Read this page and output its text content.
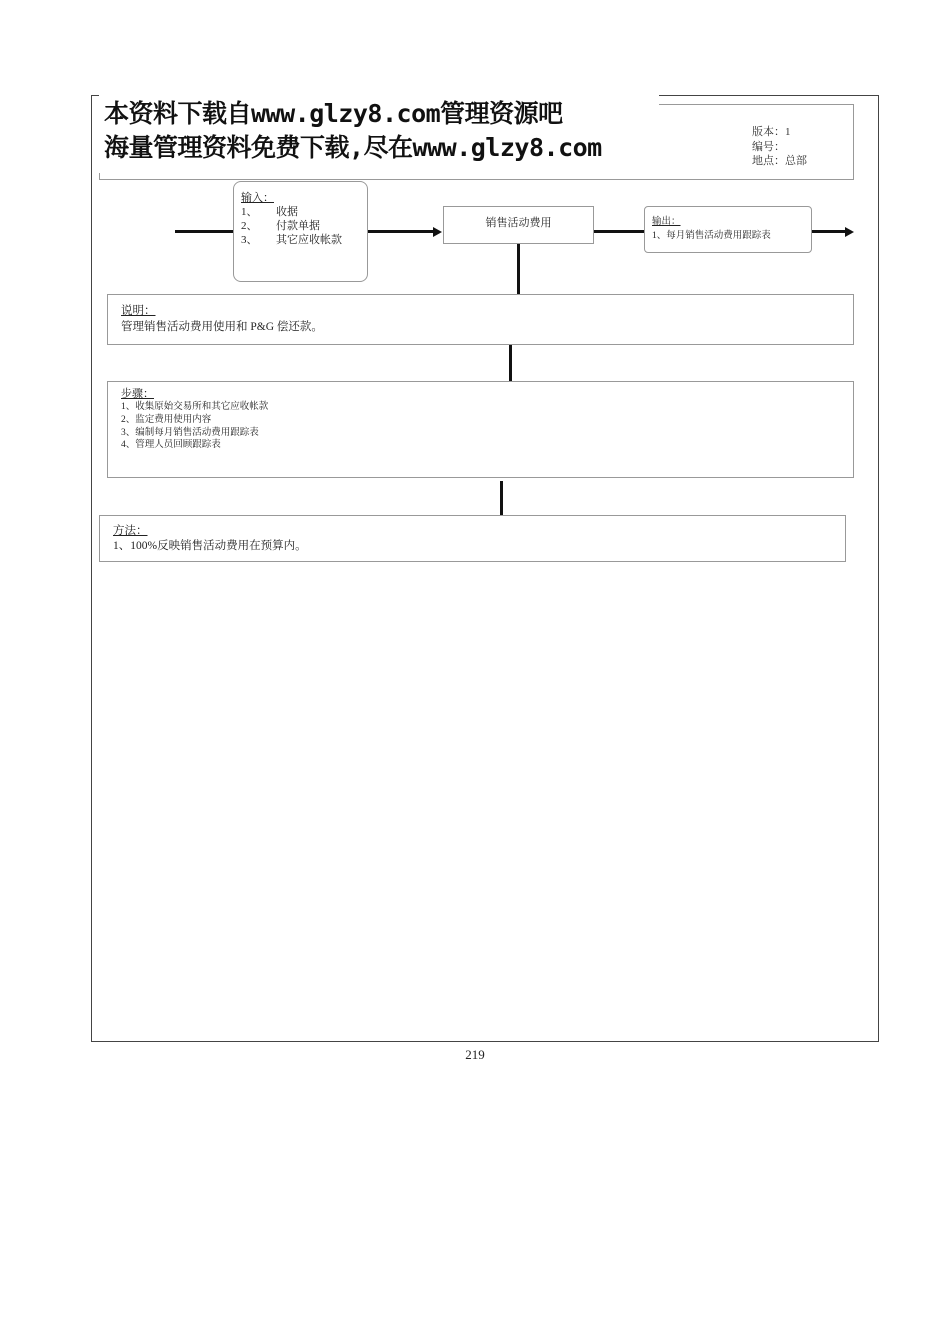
本资料下载自www.glzy8.com管理资源吧
海量管理资料免费下载,尽在www.glzy8.com
版本：1
编号：
地点：总部
输入：
1、	收据
2、	付款单据
3、	其它应收帐款
销售活动费用	输出：
1、每月销售活动费用跟踪表
说明：
管理销售活动费用使用和 P&G 偿还款。
步骤：
1、收集原始交易所和其它应收帐款
2、监定费用使用内容
3、编制每月销售活动费用跟踪表
4、管理人员回顾跟踪表
方法：
1、100%反映销售活动费用在预算内。
219
